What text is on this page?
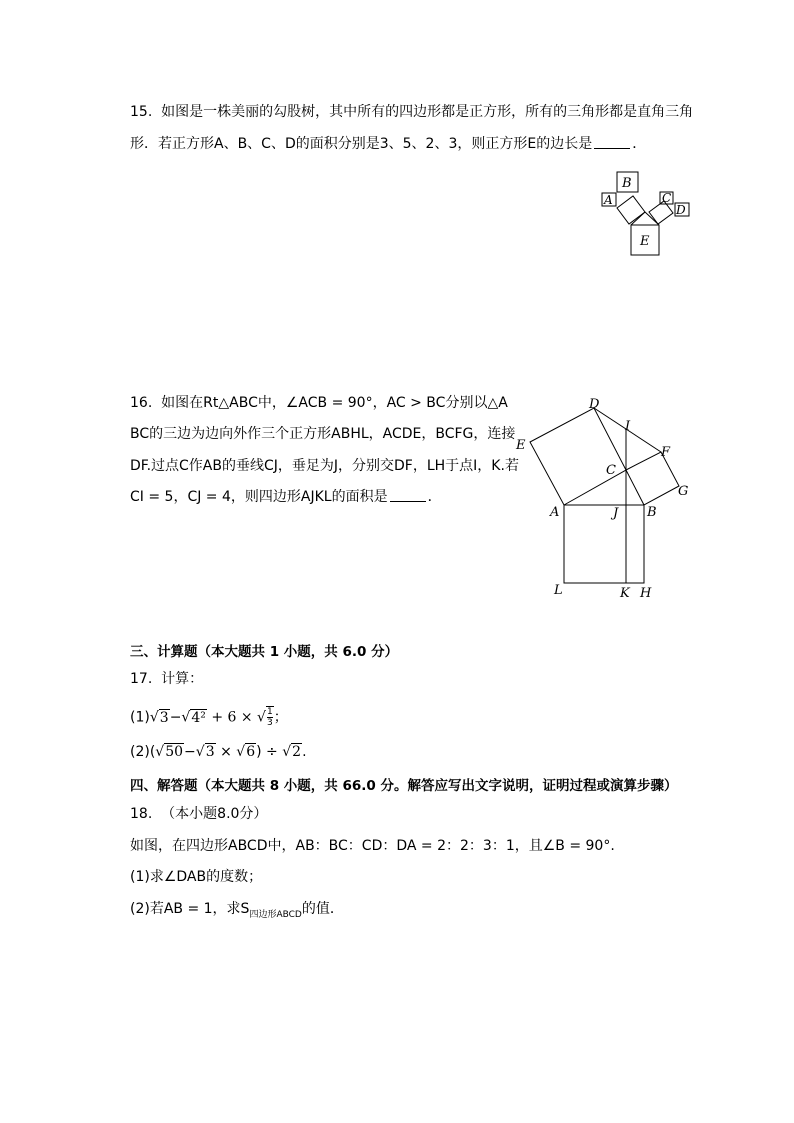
15. 如图是一株美丽的勾股树，其中所有的四边形都是正方形，所有的三角形都是直角三角
形．若正方形A、B、C、D的面积分别是3、5、2、3，则正方形E的边长是	．
B
A	C
D
E
16. 如图在Rt△ABC中，∠ACB = 90°，AC > BC分别以△A
BC的三边为边向外作三个正方形ABHL，ACDE，BCFG，连接
DF.过点C作AB的垂线CJ，垂足为J，分别交DF，LH于点I，K.若
CI = 5，CJ = 4，则四边形AJKL的面积是	．
D
I
E	F
C
G
A	J B
L	K H
三、计算题（本大题共 1 小题，共 6.0 分）
17. 计算：
(1)√3−√4² + 6 × √ $\frac{1}{3}$ ；
(2)(√50−√3 × √6) ÷ √2.
四、解答题（本大题共 8 小题，共 66.0 分。解答应写出文字说明，证明过程或演算步骤）
18. （本小题8.0分）
如图，在四边形ABCD中，AB：BC：CD：DA = 2：2：3：1，且∠B = 90°.
(1)求∠DAB的度数；
(2)若AB = 1，求$S_{四边形ABCD}$的值．
